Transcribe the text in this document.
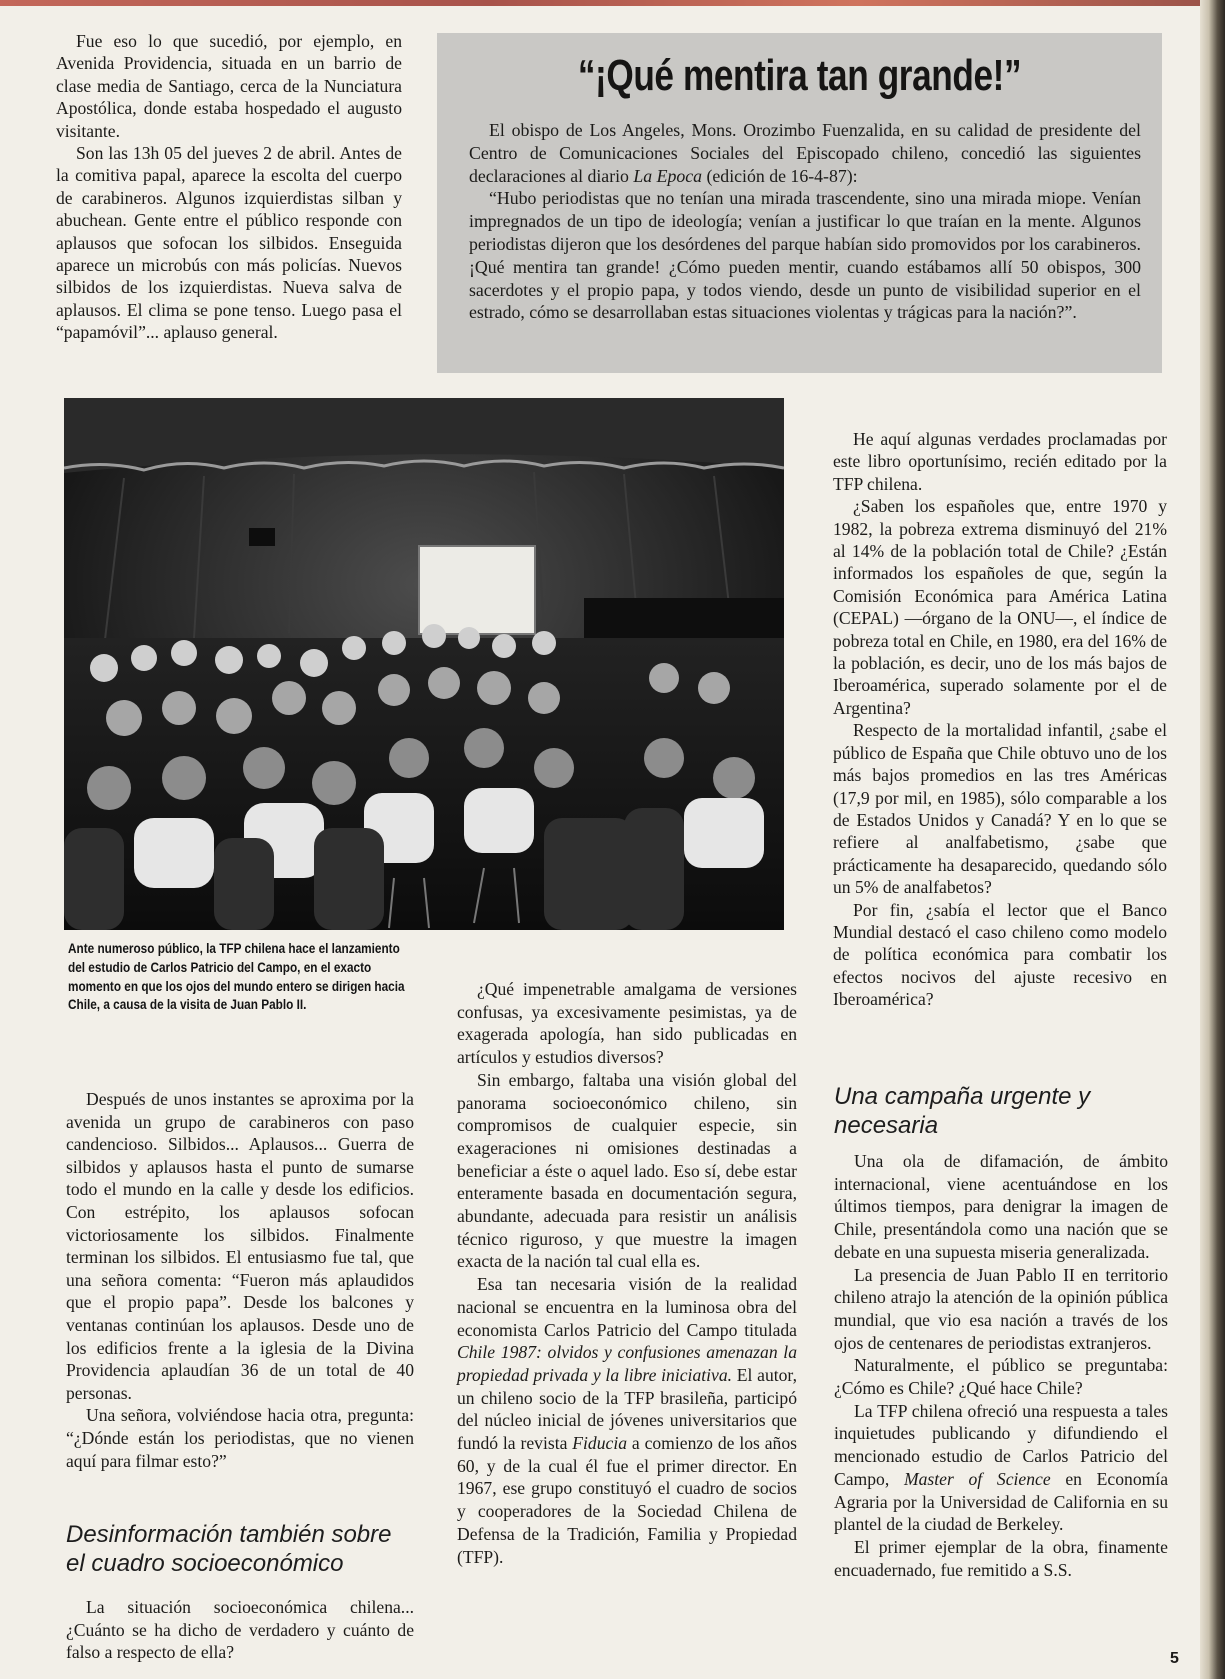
Fue eso lo que sucedió, por ejemplo, en Avenida Providencia, situada en un barrio de clase media de Santiago, cerca de la Nunciatura Apostólica, donde estaba hospedado el augusto visitante.

Son las 13h 05 del jueves 2 de abril. Antes de la comitiva papal, aparece la escolta del cuerpo de carabineros. Algunos izquierdistas silban y abuchean. Gente entre el público responde con aplausos que sofocan los silbidos. Enseguida aparece un microbús con más policías. Nuevos silbidos de los izquierdistas. Nueva salva de aplausos. El clima se pone tenso. Luego pasa el “papamóvil”... aplauso general.

“¡Qué mentira tan grande!”

El obispo de Los Angeles, Mons. Orozimbo Fuenzalida, en su calidad de presidente del Centro de Comunicaciones Sociales del Episcopado chileno, concedió las siguientes declaraciones al diario La Epoca (edición de 16-4-87):

“Hubo periodistas que no tenían una mirada trascendente, sino una mirada miope. Venían impregnados de un tipo de ideología; venían a justificar lo que traían en la mente. Algunos periodistas dijeron que los desórdenes del parque habían sido promovidos por los carabineros. ¡Qué mentira tan grande! ¿Cómo pueden mentir, cuando estábamos allí 50 obispos, 300 sacerdotes y el propio papa, y todos viendo, desde un punto de visibilidad superior en el estrado, cómo se desarrollaban estas situaciones violentas y trágicas para la nación?”.

Ante numeroso público, la TFP chilena hace el lanzamiento del estudio de Carlos Patricio del Campo, en el exacto momento en que los ojos del mundo entero se dirigen hacia Chile, a causa de la visita de Juan Pablo II.

He aquí algunas verdades proclamadas por este libro oportunísimo, recién editado por la TFP chilena.

¿Saben los españoles que, entre 1970 y 1982, la pobreza extrema disminuyó del 21% al 14% de la población total de Chile? ¿Están informados los españoles de que, según la Comisión Económica para América Latina (CEPAL) —órgano de la ONU—, el índice de pobreza total en Chile, en 1980, era del 16% de la población, es decir, uno de los más bajos de Iberoamérica, superado solamente por el de Argentina?

Respecto de la mortalidad infantil, ¿sabe el público de España que Chile obtuvo uno de los más bajos promedios en las tres Américas (17,9 por mil, en 1985), sólo comparable a los de Estados Unidos y Canadá? Y en lo que se refiere al analfabetismo, ¿sabe que prácticamente ha desaparecido, quedando sólo un 5% de analfabetos?

Por fin, ¿sabía el lector que el Banco Mundial destacó el caso chileno como modelo de política económica para combatir los efectos nocivos del ajuste recesivo en Iberoamérica?

Después de unos instantes se aproxima por la avenida un grupo de carabineros con paso candencioso. Silbidos... Aplausos... Guerra de silbidos y aplausos hasta el punto de sumarse todo el mundo en la calle y desde los edificios. Con estrépito, los aplausos sofocan victoriosamente los silbidos. Finalmente terminan los silbidos. El entusiasmo fue tal, que una señora comenta: “Fueron más aplaudidos que el propio papa”. Desde los balcones y ventanas continúan los aplausos. Desde uno de los edificios frente a la iglesia de la Divina Providencia aplaudían 36 de un total de 40 personas.

Una señora, volviéndose hacia otra, pregunta: “¿Dónde están los periodistas, que no vienen aquí para filmar esto?”

Desinformación también sobre el cuadro socioeconómico

La situación socioeconómica chilena... ¿Cuánto se ha dicho de verdadero y cuánto de falso a respecto de ella?

¿Qué impenetrable amalgama de versiones confusas, ya excesivamente pesimistas, ya de exagerada apología, han sido publicadas en artículos y estudios diversos?

Sin embargo, faltaba una visión global del panorama socioeconómico chileno, sin compromisos de cualquier especie, sin exageraciones ni omisiones destinadas a beneficiar a éste o aquel lado. Eso sí, debe estar enteramente basada en documentación segura, abundante, adecuada para resistir un análisis técnico riguroso, y que muestre la imagen exacta de la nación tal cual ella es.

Esa tan necesaria visión de la realidad nacional se encuentra en la luminosa obra del economista Carlos Patricio del Campo titulada Chile 1987: olvidos y confusiones amenazan la propiedad privada y la libre iniciativa. El autor, un chileno socio de la TFP brasileña, participó del núcleo inicial de jóvenes universitarios que fundó la revista Fiducia a comienzo de los años 60, y de la cual él fue el primer director. En 1967, ese grupo constituyó el cuadro de socios y cooperadores de la Sociedad Chilena de Defensa de la Tradición, Familia y Propiedad (TFP).

Una campaña urgente y necesaria

Una ola de difamación, de ámbito internacional, viene acentuándose en los últimos tiempos, para denigrar la imagen de Chile, presentándola como una nación que se debate en una supuesta miseria generalizada.

La presencia de Juan Pablo II en territorio chileno atrajo la atención de la opinión pública mundial, que vio esa nación a través de los ojos de centenares de periodistas extranjeros.

Naturalmente, el público se preguntaba: ¿Cómo es Chile? ¿Qué hace Chile?

La TFP chilena ofreció una respuesta a tales inquietudes publicando y difundiendo el mencionado estudio de Carlos Patricio del Campo, Master of Science en Economía Agraria por la Universidad de California en su plantel de la ciudad de Berkeley.

El primer ejemplar de la obra, finamente encuadernado, fue remitido a S.S.

5
